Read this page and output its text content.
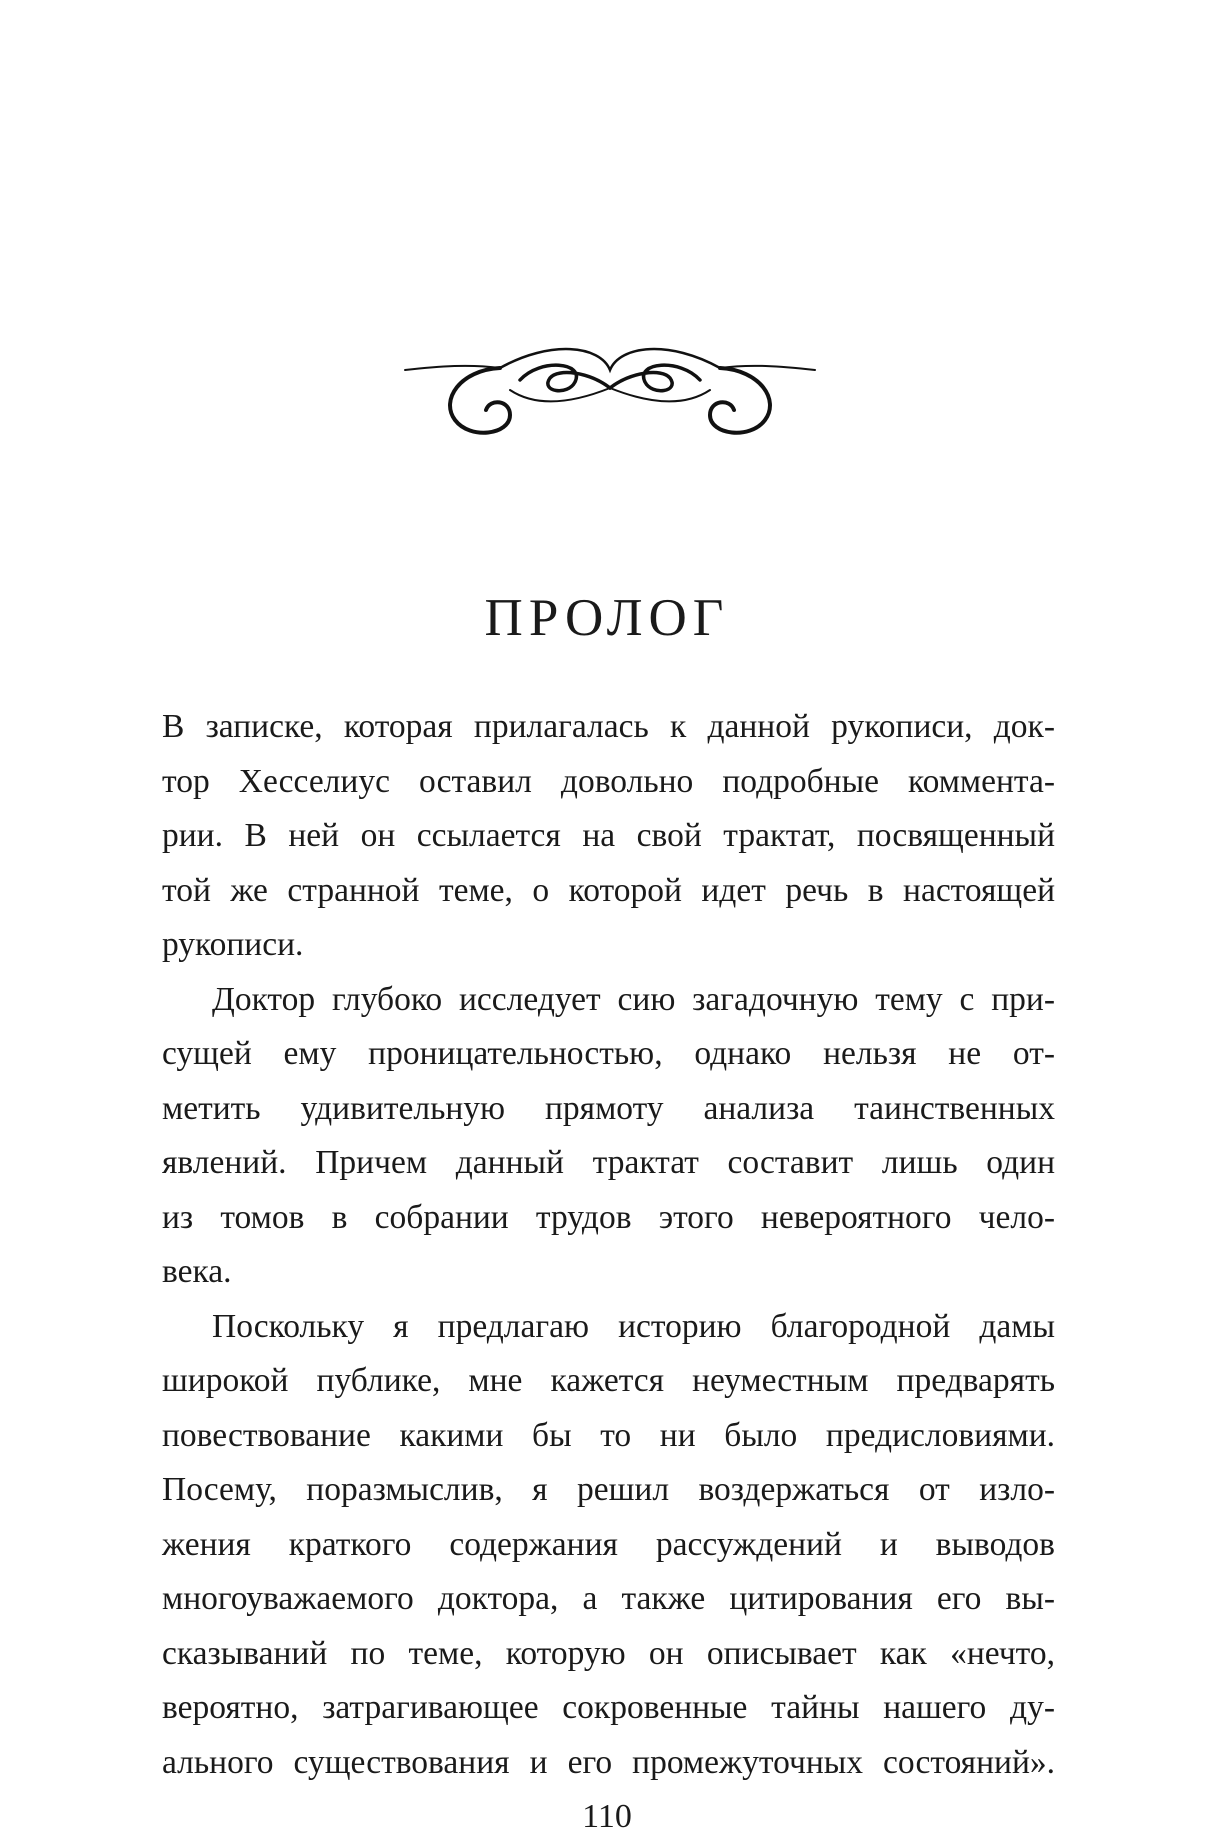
ПРОЛОГ
В записке, которая прилагалась к данной рукописи, док-
тор Хесселиус оставил довольно подробные коммента-
рии. В ней он ссылается на свой трактат, посвященный
той же странной теме, о которой идет речь в настоящей
рукописи.
Доктор глубоко исследует сию загадочную тему с при-
сущей ему проницательностью, однако нельзя не от-
метить удивительную прямоту анализа таинственных
явлений. Причем данный трактат составит лишь один
из томов в собрании трудов этого невероятного чело-
века.
Поскольку я предлагаю историю благородной дамы
широкой публике, мне кажется неуместным предварять
повествование какими бы то ни было предисловиями.
Посему, поразмыслив, я решил воздержаться от изло-
жения краткого содержания рассуждений и выводов
многоуважаемого доктора, а также цитирования его вы-
сказываний по теме, которую он описывает как «нечто,
вероятно, затрагивающее сокровенные тайны нашего ду-
ального существования и его промежуточных состояний».
110
